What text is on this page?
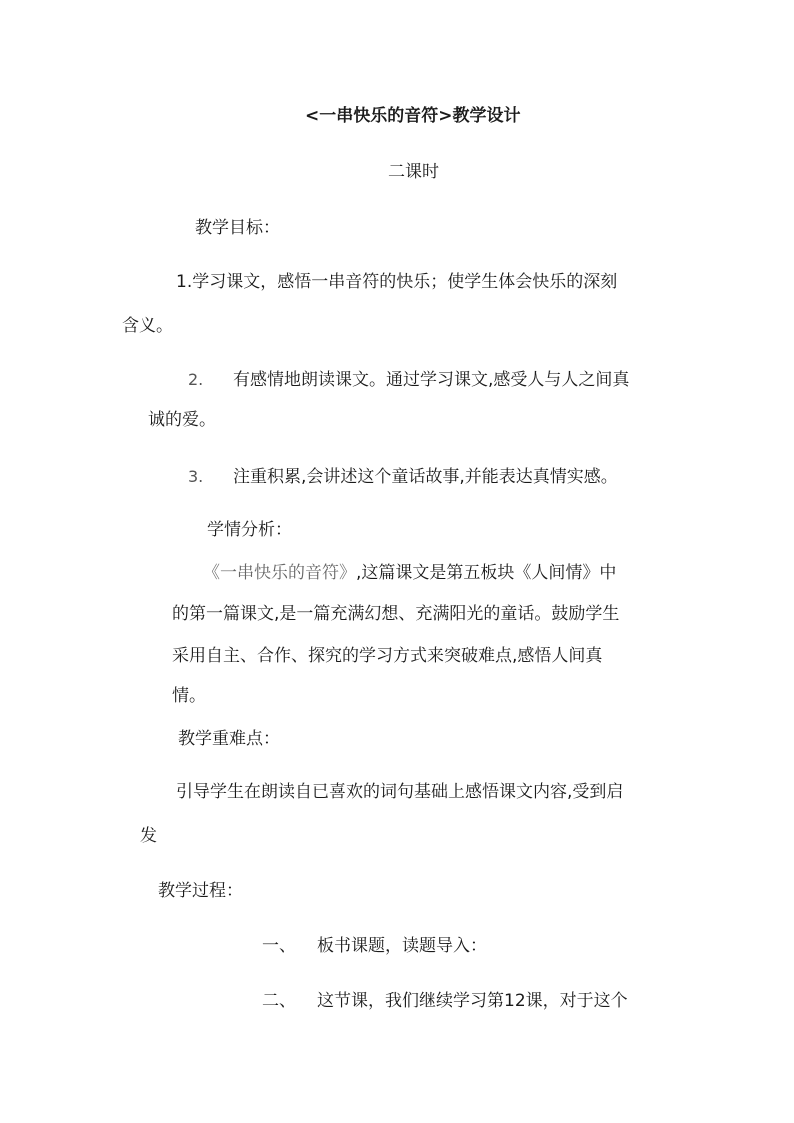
<一串快乐的音符>教学设计
二课时
教学目标：
1.学习课文，感悟一串音符的快乐；使学生体会快乐的深刻
含义。
2. 有感情地朗读课文。通过学习课文,感受人与人之间真
诚的爱。
3. 注重积累,会讲述这个童话故事,并能表达真情实感。
学情分析：
《一串快乐的音符》,这篇课文是第五板块《人间情》中
的第一篇课文,是一篇充满幻想、充满阳光的童话。鼓励学生
采用自主、合作、探究的学习方式来突破难点,感悟人间真
情。
教学重难点：
引导学生在朗读自已喜欢的词句基础上感悟课文内容,受到启
发
教学过程：
一、 板书课题，读题导入：
二、 这节课，我们继续学习第12课，对于这个
